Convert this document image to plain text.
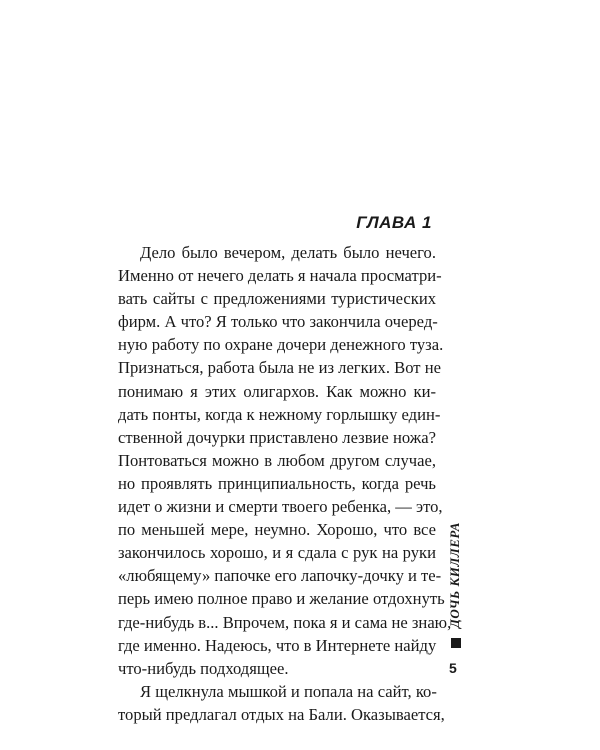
ГЛАВА 1
Дело было вечером, делать было нечего.
Именно от нечего делать я начала просматри-
вать сайты с предложениями туристических
фирм. А что? Я только что закончила очеред-
ную работу по охране дочери денежного туза.
Признаться, работа была не из легких. Вот не
понимаю я этих олигархов. Как можно ки-
дать понты, когда к нежному горлышку един-
ственной дочурки приставлено лезвие ножа?
Понтоваться можно в любом другом случае,
но проявлять принципиальность, когда речь
идет о жизни и смерти твоего ребенка, — это,
по меньшей мере, неумно. Хорошо, что все
закончилось хорошо, и я сдала с рук на руки
«любящему» папочке его лапочку-дочку и те-
перь имею полное право и желание отдохнуть
где-нибудь в... Впрочем, пока я и сама не знаю,
где именно. Надеюсь, что в Интернете найду
что-нибудь подходящее.
Я щелкнула мышкой и попала на сайт, ко-
торый предлагал отдых на Бали. Оказывается,
ДОЧЬ КИЛЛЕРА
5
